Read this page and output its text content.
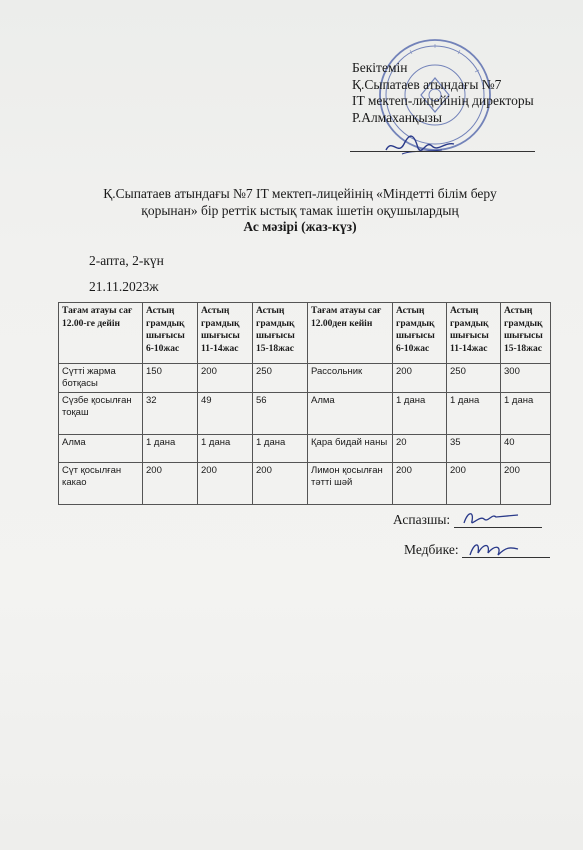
Бекітемін
Қ.Сыпатаев атындағы №7
IT мектеп-лицейінің директоры
Р.Алмаханқызы
Қ.Сыпатаев атындағы №7 IT мектеп-лицейінің «Міндетті білім беру
қорынан» бір реттік ыстық тамак ішетін оқушылардың
Ас мәзірі (жаз-күз)
2-апта, 2-күн
21.11.2023ж
Тағам атауы сағ 12.00-ге дейін	Астың грамдық шығысы 6-10жас	Астың грамдық шығысы 11-14жас	Астың грамдық шығысы 15-18жас	Тағам атауы сағ 12.00ден кейін	Астың грамдық шығысы 6-10жас	Астың грамдық шығысы 11-14жас	Астың грамдық шығысы 15-18жас
Сүтті жарма ботқасы	150	200	250	Рассольник	200	250	300
Сүзбе қосылған тоқаш	32	49	56	Алма	1 дана	1 дана	1 дана
Алма	1 дана	1 дана	1 дана	Қара бидай наны	20	35	40
Сүт қосылған какао	200	200	200	Лимон қосылған тәтті шәй	200	200	200
Аспазшы:
Медбике:
